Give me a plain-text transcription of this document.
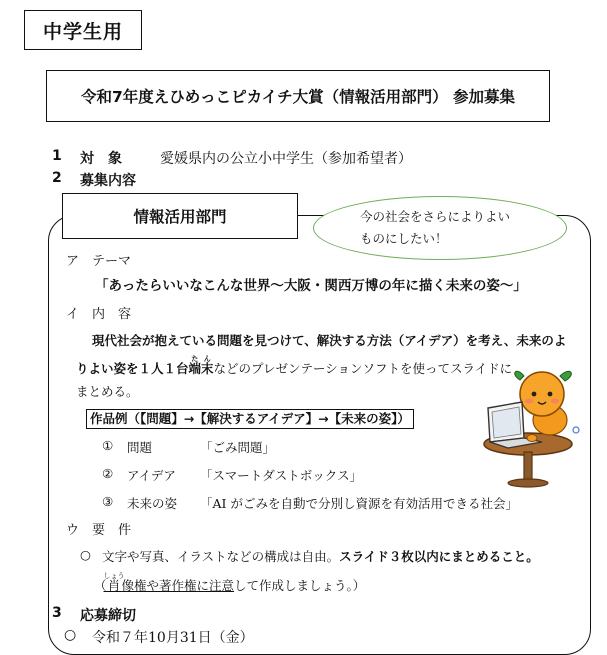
中学生用
令和7年度えひめっこピカイチ大賞（情報活用部門） 参加募集
1 対　象	愛媛県内の公立小中学生（参加希望者）
2 募集内容
情報活用部門	今の社会をさらによりよい
ものにしたい！
ア テーマ
「あったらいいなこんな世界～大阪・関西万博の年に描く未来の姿～」
イ 内　容
現代社会が抱えている問題を見つけて、解決する方法（アイデア）を考え、未来のよ
りよい姿を１人１台端末たんなどのプレゼンテーションソフトを使ってスライドに
まとめる。
作品例（【問題】→【解決するアイデア】→【未来の姿】）
① 問題	「ごみ問題」
② アイデア 「スマートダストボックス」
③ 未来の姿 「AI がごみを自動で分別し資源を有効活用できる社会」
ウ 要　件
○ 文字や写真、イラストなどの構成は自由。スライド３枚以内にまとめること。
（肖しょう像権や著作権に注意して作成しましょう。）
3 応募締切
○ 令和７年10月31日（金）
